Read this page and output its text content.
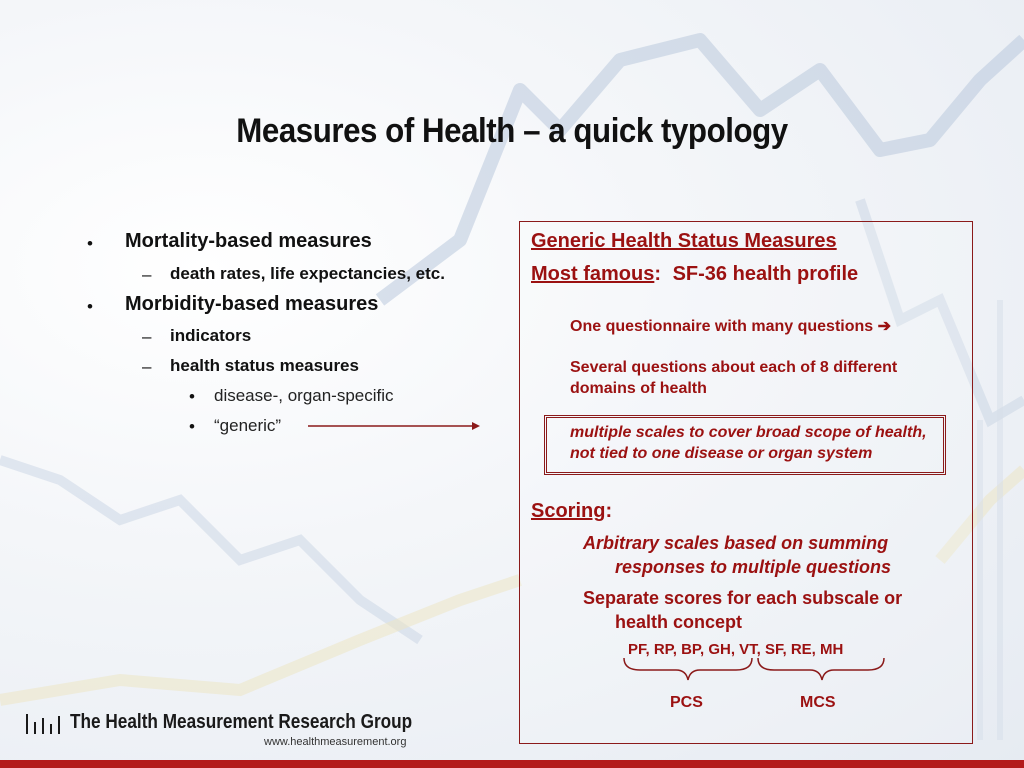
Measures of Health – a quick typology
• Mortality-based measures
– death rates, life expectancies, etc.
• Morbidity-based measures
– indicators
– health status measures
• disease-, organ-specific
• “generic”
Generic Health Status Measures
Most famous: SF-36 health profile
One questionnaire with many questions ➔
Several questions about each of 8 different
domains of health
multiple scales to cover broad scope of health,
not tied to one disease or organ system
Scoring:
Arbitrary scales based on summing
responses to multiple questions
Separate scores for each subscale or
health concept
PF, RP, BP, GH, VT, SF, RE, MH
PCS	MCS
The Health Measurement Research Group
www.healthmeasurement.org
